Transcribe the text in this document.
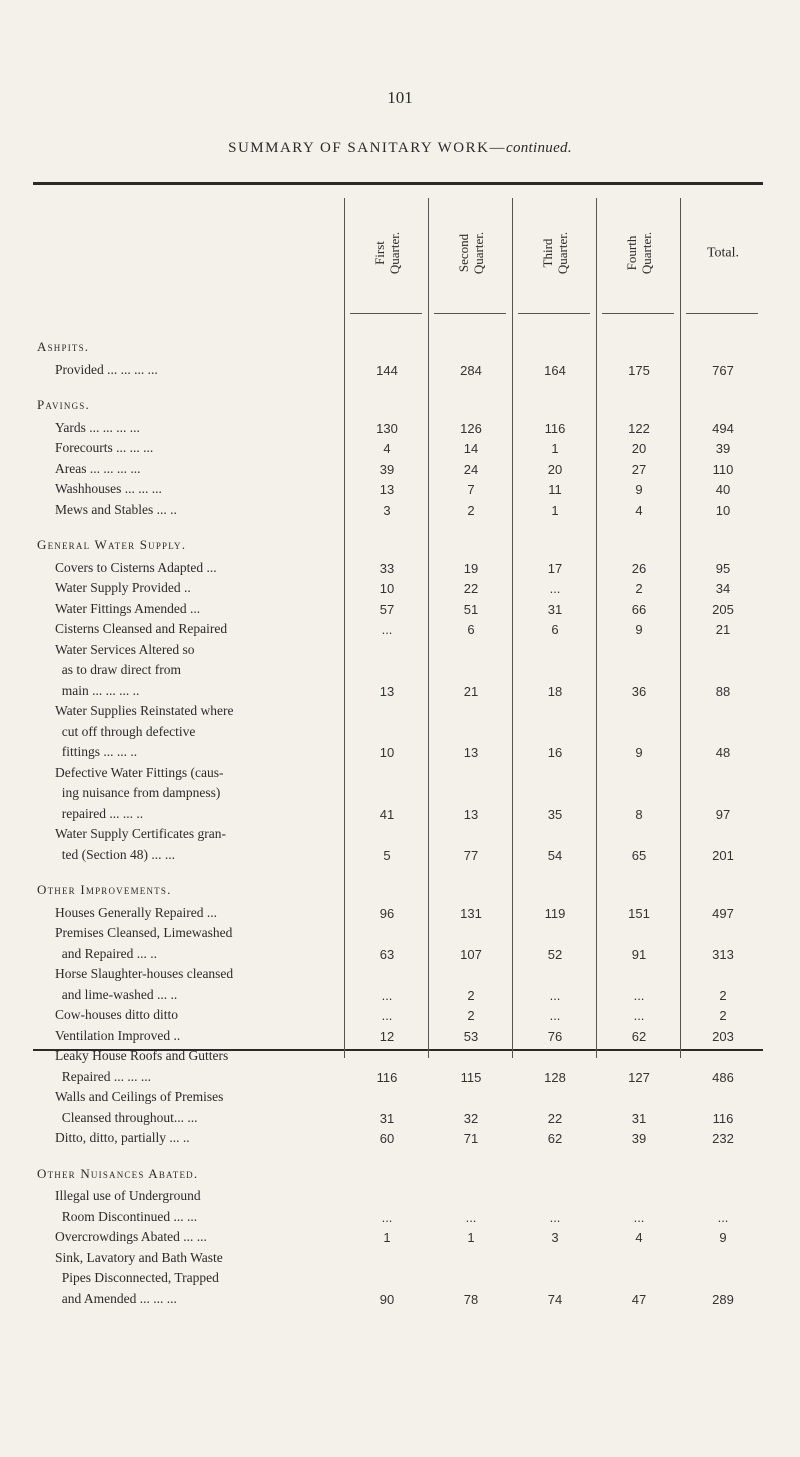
101
SUMMARY OF SANITARY WORK—continued.
First
Quarter.	Second
Quarter.	Third
Quarter.	Fourth
Quarter.	Total.
Ashpits.
Provided ... ... ... ...	144	284	164	175	767
Pavings.
Yards ... ... ... ...	130	126	116	122	494
Forecourts ... ... ...	4	14	1	20	39
Areas ... ... ... ...	39	24	20	27	110
Washhouses ... ... ...	13	7	11	9	40
Mews and Stables ... ..	3	2	1	4	10
General Water Supply.
Covers to Cisterns Adapted ...	33	19	17	26	95
Water Supply Provided ..	10	22	...	2	34
Water Fittings Amended ...	57	51	31	66	205
Cisterns Cleansed and Repaired	...	6	6	9	21
Water Services Altered so
as to draw direct from
main ... ... ... ..	13	21	18	36	88
Water Supplies Reinstated where
cut off through defective
fittings ... ... ..	10	13	16	9	48
Defective Water Fittings (caus-
ing nuisance from dampness)
repaired ... ... ..	41	13	35	8	97
Water Supply Certificates gran-
ted (Section 48) ... ...	5	77	54	65	201
Other Improvements.
Houses Generally Repaired ...	96	131	119	151	497
Premises Cleansed, Limewashed
and Repaired ... ..	63	107	52	91	313
Horse Slaughter-houses cleansed
and lime-washed ... ..	...	2	...	...	2
Cow-houses ditto ditto	...	2	...	...	2
Ventilation Improved ..	12	53	76	62	203
Leaky House Roofs and Gutters
Repaired ... ... ...	116	115	128	127	486
Walls and Ceilings of Premises
Cleansed throughout... ...	31	32	22	31	116
Ditto, ditto, partially ... ..	60	71	62	39	232
Other Nuisances Abated.
Illegal use of Underground
Room Discontinued ... ...	...	...	...	...	...
Overcrowdings Abated ... ...	1	1	3	4	9
Sink, Lavatory and Bath Waste
Pipes Disconnected, Trapped
and Amended ... ... ...	90	78	74	47	289
